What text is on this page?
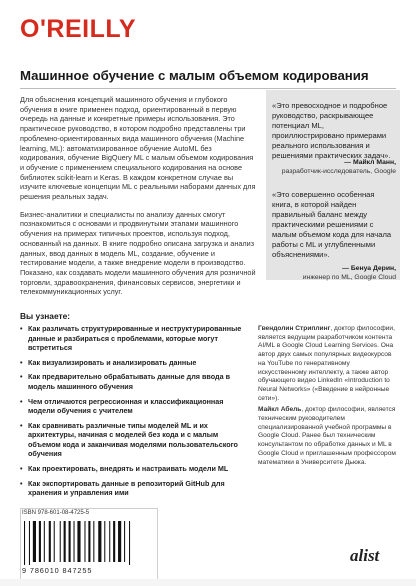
O'REILLY
Машинное обучение с малым объемом кодирования

Для объяснения концепций машинного обучения и глубокого обучения в книге применен подход, ориентированный в первую очередь на данные и конкретные примеры использования. Это практическое руководство, в котором подробно представлены три проблемно-ориентированных вида машинного обучения (Machine learning, ML): автоматизированное обучение AutoML без кодирования, обучение BigQuery ML с малым объемом кодирования и обучение с применением специального кодирования на основе библиотек scikit-learn и Keras. В каждом конкретном случае вы изучите ключевые концепции ML с реальными наборами данных для решения реальных задач.

Бизнес-аналитики и специалисты по анализу данных смогут познакомиться с основами и продвинутыми этапами машинного обучения на примерах типичных проектов, используя подход, основанный на данных. В книге подробно описана загрузка и анализ данных, ввод данных в модель ML, создание, обучение и тестирование модели, а также внедрение модели в производство. Показано, как создавать модели машинного обучения для розничной торговли, здравоохранения, финансовых сервисов, энергетики и телекоммуникационных услуг.

«Это превосходное и подробное руководство, раскрывающее потенциал ML, проиллюстрировано примерами реального использования и решениями практических задач».
— Майкл Манн,
разработчик-исследователь, Google
«Это совершенно особенная книга, в которой найден правильный баланс между практическими решениями с малым объемом кода для начала работы с ML и углубленными объяснениями».
— Бенуа Дерин,
инженер по ML, Google Cloud
Вы узнаете:
• Как различать структурированные и неструктурированные данные и разбираться с проблемами, которые могут встретиться
• Как визуализировать и анализировать данные
• Как предварительно обрабатывать данные для ввода в модель машинного обучения
• Чем отличаются регрессионная и классификационная модели обучения с учителем
• Как сравнивать различные типы моделей ML и их архитектуры, начиная с моделей без кода и с малым объемом кода и заканчивая моделями пользовательского обучения
• Как проектировать, внедрять и настраивать модели ML
• Как экспортировать данные в репозиторий GitHub для хранения и управления ими

Гвендолин Стриплинг, доктор философии, является ведущим разработчиком контента AI/ML в Google Cloud Learning Services. Она автор двух самых популярных видеокурсов на YouTube по генеративному искусственному интеллекту, а также автор обучающего видео LinkedIn «Introduction to Neural Networks» («Введение в нейронные сети»).

Майкл Абель, доктор философии, является техническим руководителем специализированной учебной программы в Google Cloud. Ранее был техническим консультантом по обработке данных и ML в Google Cloud и приглашенным профессором математики в Университете Дьюка.

ISBN 978-601-08-4725-5
9 786010 847255
alist
